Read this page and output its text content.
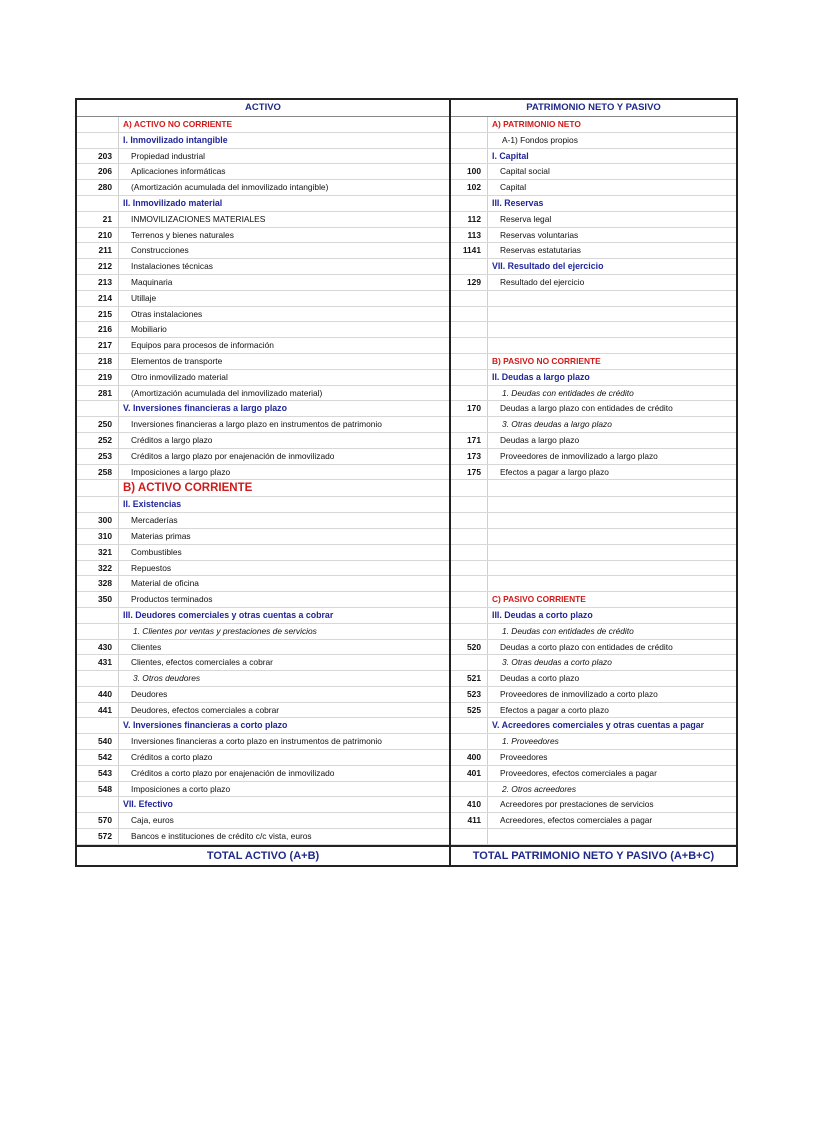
ACTIVO
A) ACTIVO NO CORRIENTE
I. Inmovilizado intangible
203	Propiedad industrial
206	Aplicaciones informáticas
280	(Amortización acumulada del inmovilizado intangible)
II. Inmovilizado material
21	INMOVILIZACIONES MATERIALES
210	Terrenos y bienes naturales
211	Construcciones
212	Instalaciones técnicas
213	Maquinaria
214	Utillaje
215	Otras instalaciones
216	Mobiliario
217	Equipos para procesos de información
218	Elementos de transporte
219	Otro inmovilizado material
281	(Amortización acumulada del inmovilizado material)
V. Inversiones financieras a largo plazo
250	Inversiones financieras a largo plazo en instrumentos de patrimonio
252	Créditos a largo plazo
253	Créditos a largo plazo por enajenación de inmovilizado
258	Imposiciones a largo plazo
B) ACTIVO CORRIENTE
II. Existencias
300	Mercaderías
310	Materias primas
321	Combustibles
322	Repuestos
328	Material de oficina
350	Productos terminados
III. Deudores comerciales y otras cuentas a cobrar
1. Clientes por ventas y prestaciones de servicios
430	Clientes
431	Clientes, efectos comerciales a cobrar
3. Otros deudores
440	Deudores
441	Deudores, efectos comerciales a cobrar
V. Inversiones financieras a corto plazo
540	Inversiones financieras a corto plazo en instrumentos de patrimonio
542	Créditos a corto plazo
543	Créditos a corto plazo por enajenación de inmovilizado
548	Imposiciones a corto plazo
VII. Efectivo
570	Caja, euros
572	Bancos e instituciones de crédito c/c vista, euros
PATRIMONIO NETO Y PASIVO
A) PATRIMONIO NETO
A-1) Fondos propios
I. Capital
100	Capital social
102	Capital
III. Reservas
112	Reserva legal
113	Reservas voluntarias
1141	Reservas estatutarias
VII. Resultado del ejercicio
129	Resultado del ejercicio
B) PASIVO NO CORRIENTE
II. Deudas a largo plazo
1. Deudas con entidades de crédito
170	Deudas a largo plazo con entidades de crédito
3. Otras deudas a largo plazo
171	Deudas a largo plazo
173	Proveedores de inmovilizado a largo plazo
175	Efectos a pagar a largo plazo
C) PASIVO CORRIENTE
III. Deudas a corto plazo
1. Deudas con entidades de crédito
520	Deudas a corto plazo con entidades de crédito
3. Otras deudas a corto plazo
521	Deudas a corto plazo
523	Proveedores de inmovilizado a corto plazo
525	Efectos a pagar a corto plazo
V. Acreedores comerciales y otras cuentas a pagar
1. Proveedores
400	Proveedores
401	Proveedores, efectos comerciales a pagar
2. Otros acreedores
410	Acreedores por prestaciones de servicios
411	Acreedores, efectos comerciales a pagar
TOTAL ACTIVO (A+B)	TOTAL PATRIMONIO NETO Y PASIVO (A+B+C)
